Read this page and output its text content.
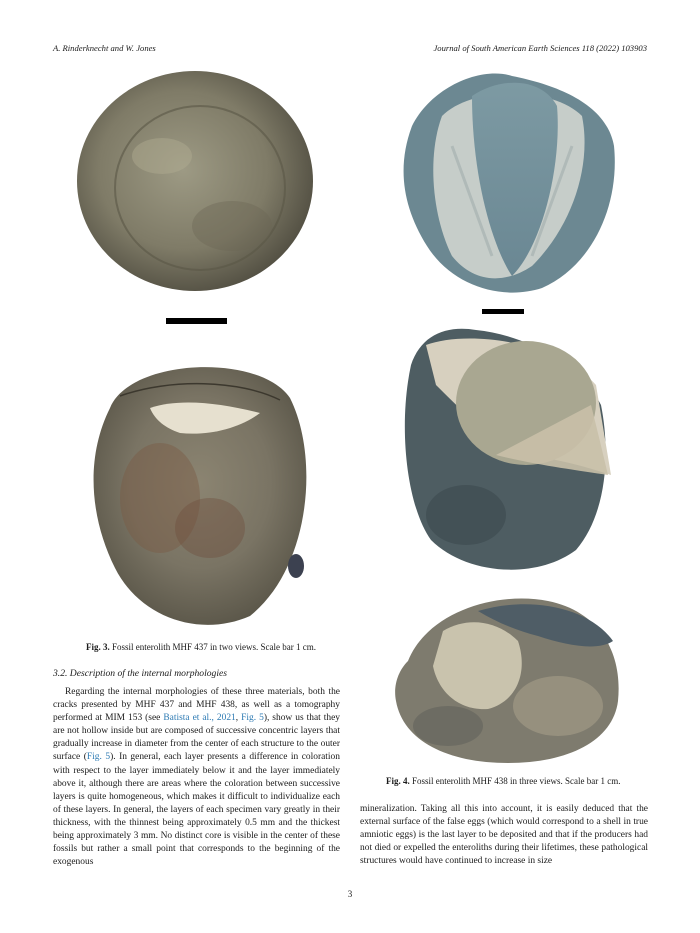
A. Rinderknecht and W. Jones	Journal of South American Earth Sciences 118 (2022) 103903
Fig. 3. Fossil enterolith MHF 437 in two views. Scale bar 1 cm.
3.2. Description of the internal morphologies

Regarding the internal morphologies of these three materials, both the cracks presented by MHF 437 and MHF 438, as well as a tomography performed at MIM 153 (see Batista et al., 2021, Fig. 5), show us that they are not hollow inside but are composed of successive concentric layers that gradually increase in diameter from the center of each structure to the outer surface (Fig. 5). In general, each layer presents a difference in coloration with respect to the layer immediately below it and the layer immediately above it, although there are areas where the coloration between successive layers is quite homogeneous, which makes it difficult to individualize each of these layers. In general, the layers of each specimen vary greatly in their thickness, with the thinnest being approximately 0.5 mm and the thickest being approximately 3 mm. No distinct core is visible in the center of these fossils but rather a small point that corresponds to the beginning of the exogenous

Fig. 4. Fossil enterolith MHF 438 in three views. Scale bar 1 cm.

mineralization. Taking all this into account, it is easily deduced that the external surface of the false eggs (which would correspond to a shell in true amniotic eggs) is the last layer to be deposited and that if the producers had not died or expelled the enteroliths during their lifetimes, these pathological structures would have continued to increase in size

3
